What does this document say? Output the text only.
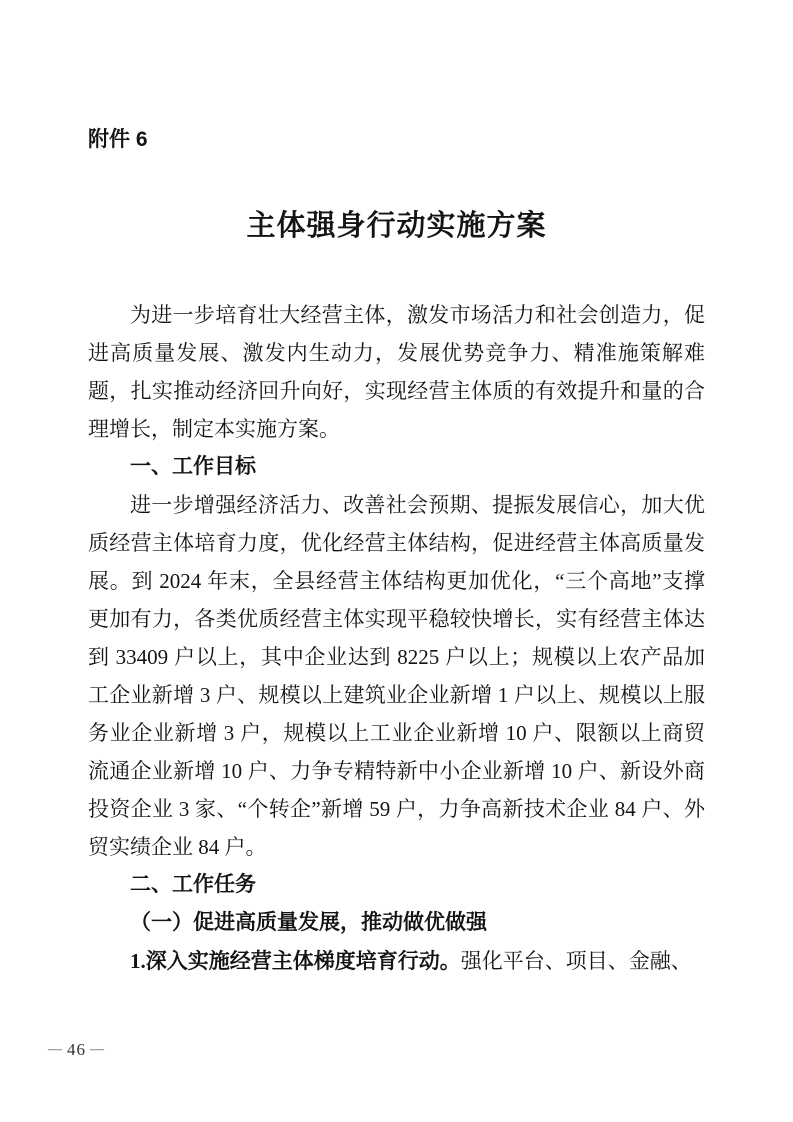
附件 6
主体强身行动实施方案

为进一步培育壮大经营主体，激发市场活力和社会创造力，促进高质量发展、激发内生动力，发展优势竞争力、精准施策解难题，扎实推动经济回升向好，实现经营主体质的有效提升和量的合理增长，制定本实施方案。

一、工作目标

进一步增强经济活力、改善社会预期、提振发展信心，加大优质经营主体培育力度，优化经营主体结构，促进经营主体高质量发展。到 2024 年末，全县经营主体结构更加优化，“三个高地”支撑更加有力，各类优质经营主体实现平稳较快增长，实有经营主体达到 33409 户以上，其中企业达到 8225 户以上；规模以上农产品加工企业新增 3 户、规模以上建筑业企业新增 1 户以上、规模以上服务业企业新增 3 户，规模以上工业企业新增 10 户、限额以上商贸流通企业新增 10 户、力争专精特新中小企业新增 10 户、新设外商投资企业 3 家、“个转企”新增 59 户，力争高新技术企业 84 户、外贸实绩企业 84 户。

二、工作任务

（一）促进高质量发展，推动做优做强

1.深入实施经营主体梯度培育行动。强化平台、项目、金融、

— 46 —
